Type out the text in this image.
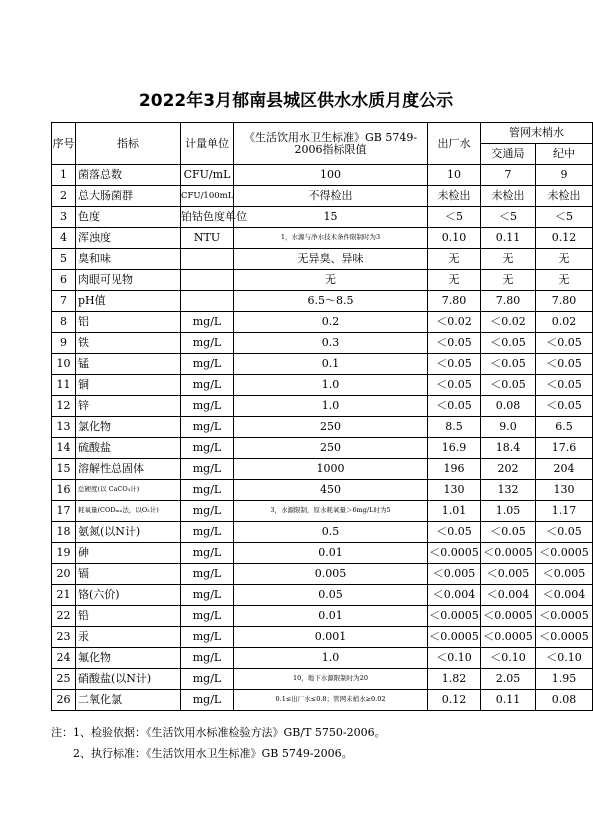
2022年3月郁南县城区供水水质月度公示
序号	指标	计量单位	《生活饮用水卫生标准》GB 5749-2006指标限值	出厂水	管网末梢水	
					交通局	纪中
1	菌落总数	CFU/mL	100	10	7	9
2	总大肠菌群	CFU/100mL	不得检出	未检出	未检出	未检出
3	色度	铂钴色度单位	15	＜5	＜5	＜5
4	浑浊度	NTU	1，水源与净水技术条件限制时为3	0.10	0.11	0.12
5	臭和味		无异臭、异味	无	无	无
6	肉眼可见物		无	无	无	无
7	pH值		6.5～8.5	7.80	7.80	7.80
8	铝	mg/L	0.2	＜0.02	＜0.02	0.02
9	铁	mg/L	0.3	＜0.05	＜0.05	＜0.05
10	锰	mg/L	0.1	＜0.05	＜0.05	＜0.05
11	铜	mg/L	1.0	＜0.05	＜0.05	＜0.05
12	锌	mg/L	1.0	＜0.05	0.08	＜0.05
13	氯化物	mg/L	250	8.5	9.0	6.5
14	硫酸盐	mg/L	250	16.9	18.4	17.6
15	溶解性总固体	mg/L	1000	196	202	204
16	总硬度(以 CaCO₃计)	mg/L	450	130	132	130
17	耗氧量(CODₘₙ法，以O₂计)	mg/L	3，水源限制，原水耗氧量＞6mg/L时为5	1.01	1.05	1.17
18	氨氮(以N计)	mg/L	0.5	＜0.05	＜0.05	＜0.05
19	砷	mg/L	0.01	＜0.0005	＜0.0005	＜0.0005
20	镉	mg/L	0.005	＜0.005	＜0.005	＜0.005
21	铬(六价)	mg/L	0.05	＜0.004	＜0.004	＜0.004
22	铅	mg/L	0.01	＜0.0005	＜0.0005	＜0.0005
23	汞	mg/L	0.001	＜0.0005	＜0.0005	＜0.0005
24	氟化物	mg/L	1.0	＜0.10	＜0.10	＜0.10
25	硝酸盐(以N计)	mg/L	10，地下水源限制时为20	1.82	2.05	1.95
26	二氧化氯	mg/L	0.1≤出厂水≤0.8；管网末梢水≥0.02	0.12	0.11	0.08
注：1、检验依据：《生活饮用水标准检验方法》GB/T 5750-2006。
　　2、执行标准：《生活饮用水卫生标准》GB 5749-2006。
